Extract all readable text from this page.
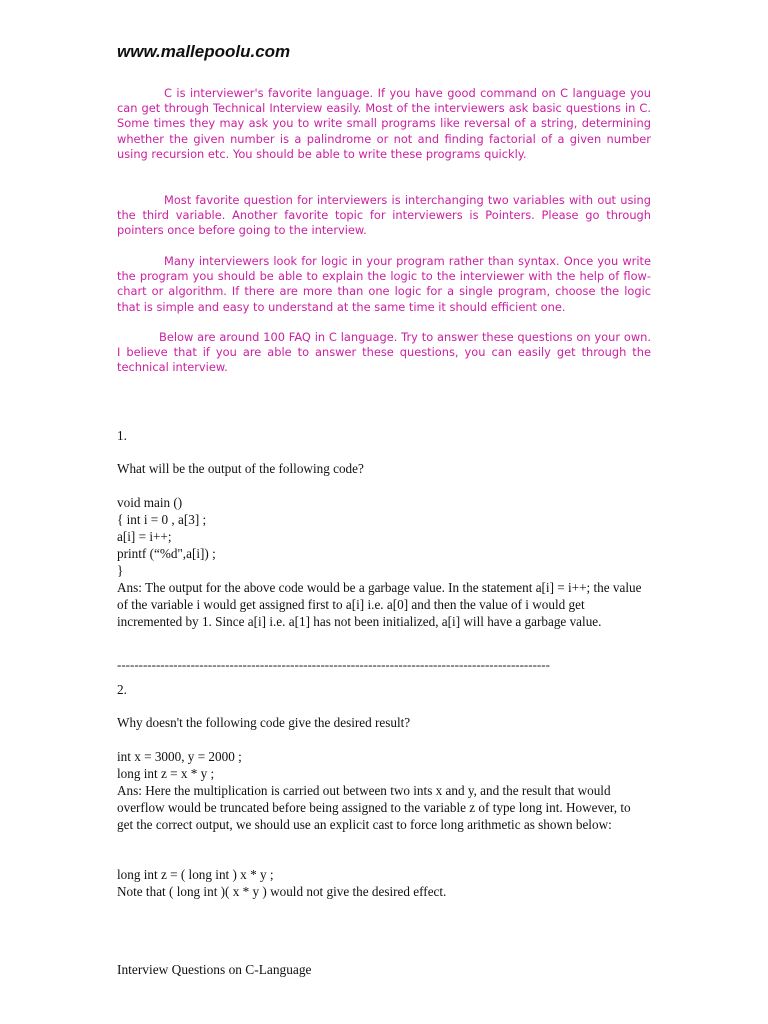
www.mallepoolu.com

C is interviewer's favorite language. If you have good command on C language you can get through Technical Interview easily. Most of the interviewers ask basic questions in C. Some times they may ask you to write small programs like reversal of a string, determining whether the given number is a palindrome or not and finding factorial of a given number using recursion etc. You should be able to write these programs quickly.

Most favorite question for interviewers is interchanging two variables with out using the third variable. Another favorite topic for interviewers is Pointers. Please go through pointers once before going to the interview.

Many interviewers look for logic in your program rather than syntax. Once you write the program you should be able to explain the logic to the interviewer with the help of flow-chart or algorithm. If there are more than one logic for a single program, choose the logic that is simple and easy to understand at the same time it should efficient one.

Below are around 100 FAQ in C language. Try to answer these questions on your own. I believe that if you are able to answer these questions, you can easily get through the technical interview.

1.

What will be the output of the following code?

void main ()
{ int i = 0 , a[3] ;
a[i] = i++;
printf (“%d",a[i]) ;
}

Ans: The output for the above code would be a garbage value. In the statement a[i] = i++; the value of the variable i would get assigned first to a[i] i.e. a[0] and then the value of i would get incremented by 1. Since a[i] i.e. a[1] has not been initialized, a[i] will have a garbage value.

----------------------------------------------------------------------------------------------------

2.

Why doesn't the following code give the desired result?

int x = 3000, y = 2000 ;
long int z = x * y ;

Ans: Here the multiplication is carried out between two ints x and y, and the result that would overflow would be truncated before being assigned to the variable z of type long int. However, to get the correct output, we should use an explicit cast to force long arithmetic as shown below:

long int z = ( long int ) x * y ;

Note that ( long int )( x * y ) would not give the desired effect.

Interview Questions on C-Language
